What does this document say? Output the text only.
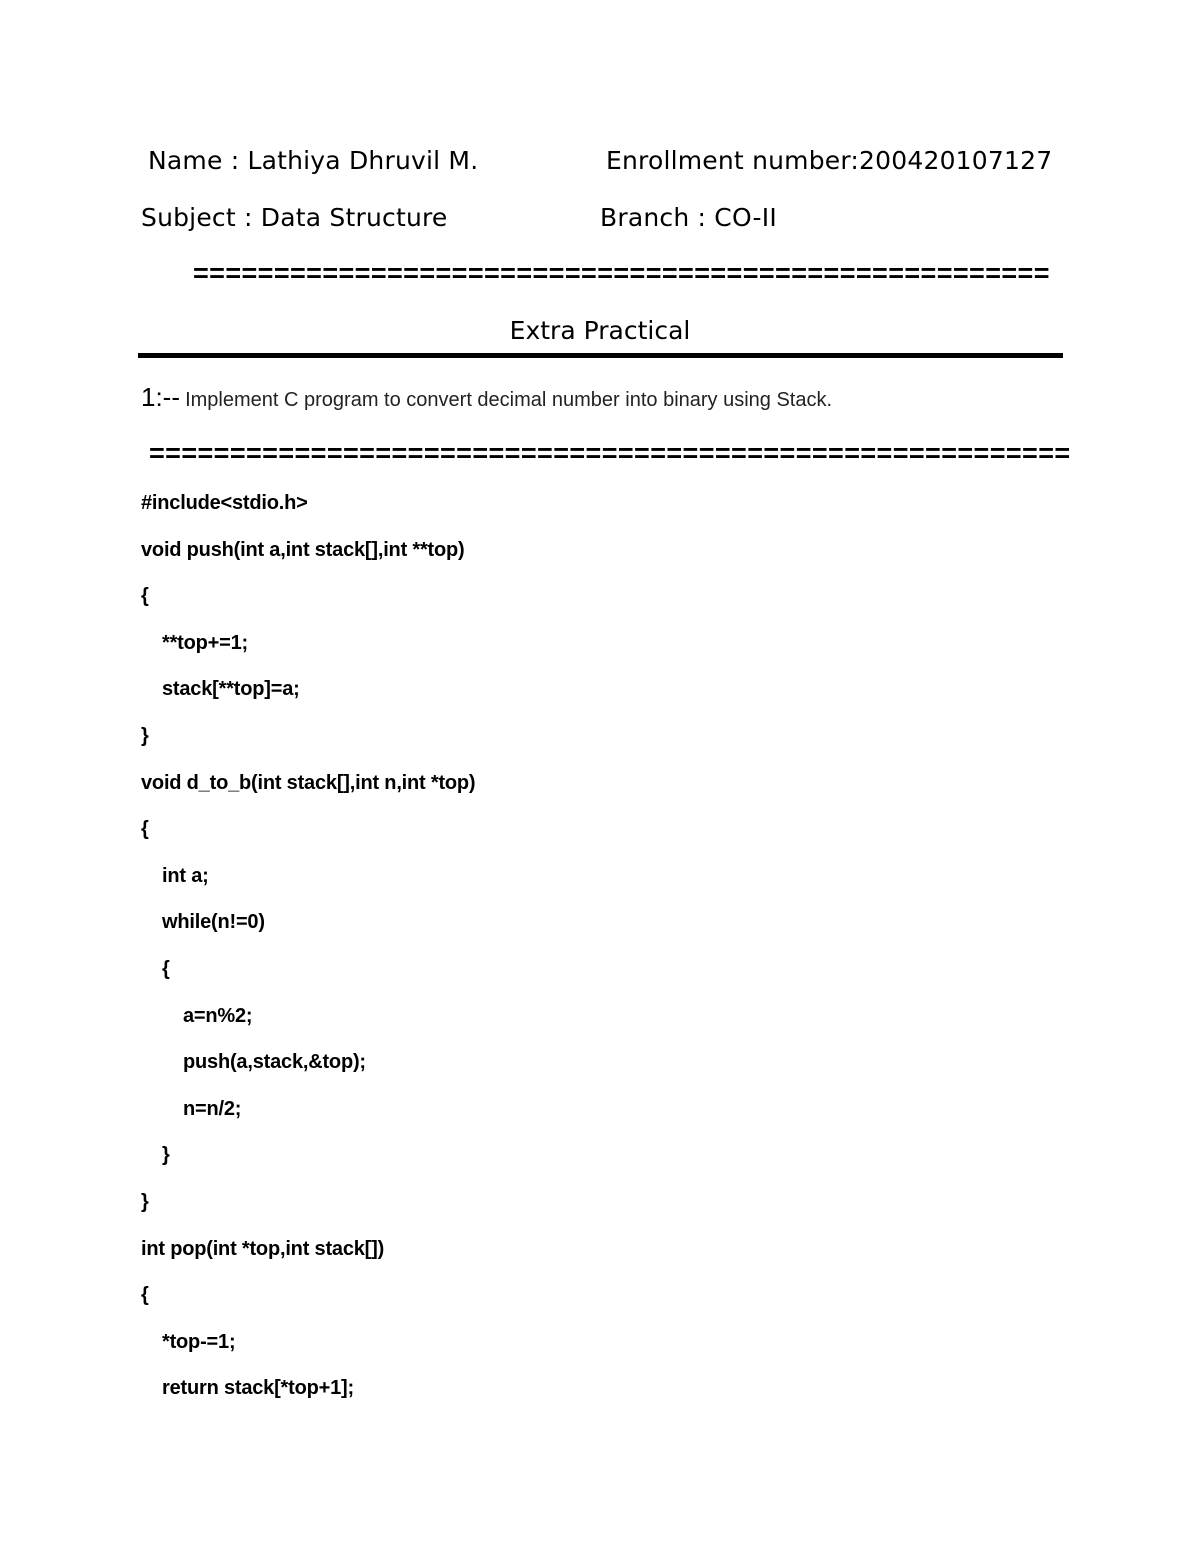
Name : Lathiya Dhruvil M.	Enrollment number:200420107127
Subject : Data Structure	Branch : CO-II
=====================================================
Extra Practical
1:-- Implement C program to convert decimal number into binary using Stack.
=========================================================
#include<stdio.h>
void push(int a,int stack[],int **top)
{
**top+=1;
stack[**top]=a;
}
void d_to_b(int stack[],int n,int *top)
{
int a;
while(n!=0)
{
a=n%2;
push(a,stack,&top);
n=n/2;
}
}
int pop(int *top,int stack[])
{
*top-=1;
return stack[*top+1];
